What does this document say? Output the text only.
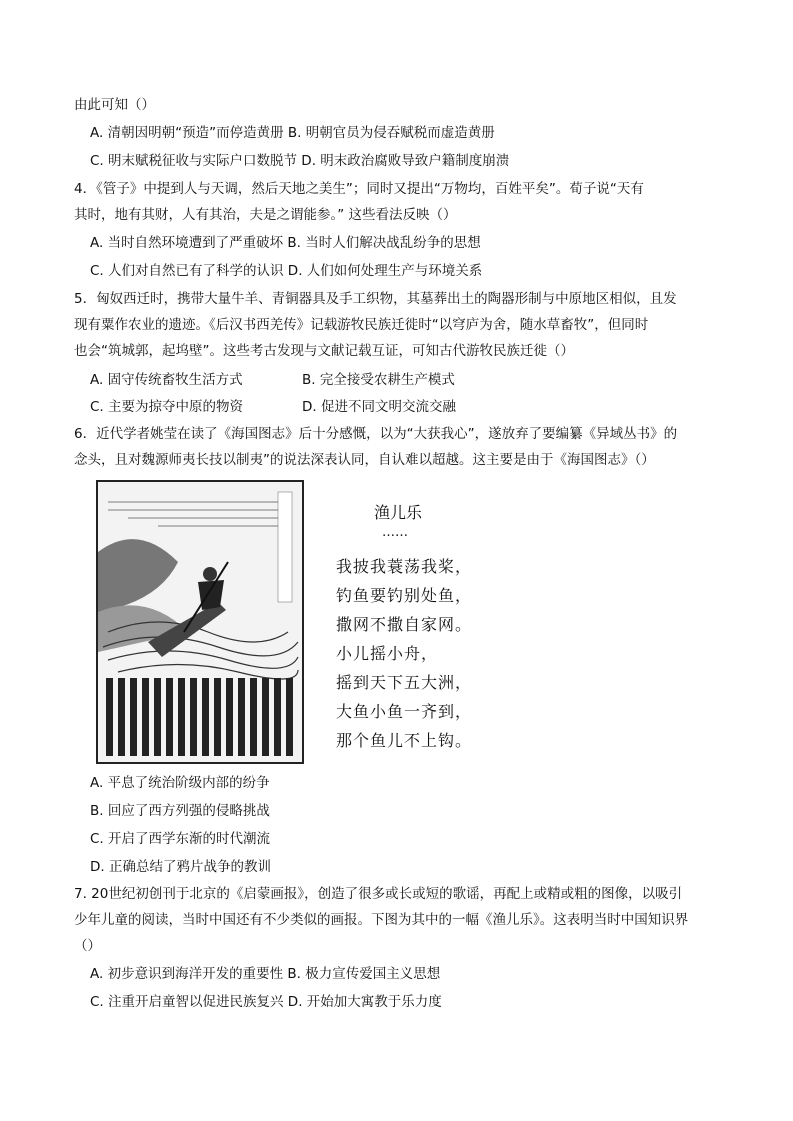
由此可知（）
A. 清朝因明朝“预造”而停造黄册 B. 明朝官员为侵吞赋税而虚造黄册
C. 明末赋税征收与实际户口数脱节 D. 明末政治腐败导致户籍制度崩溃
4．《管子》中提到人与天调，然后天地之美生”；同时又提出“万物均，百姓平矣”。荀子说“天有
其时，地有其财，人有其治，夫是之谓能参。” 这些看法反映（）
A. 当时自然环境遭到了严重破坏 B. 当时人们解决战乱纷争的思想
C. 人们对自然已有了科学的认识 D. 人们如何处理生产与环境关系
5．匈奴西迁时，携带大量牛羊、青铜器具及手工织物，其墓葬出土的陶器形制与中原地区相似，且发
现有粟作农业的遗迹。《后汉书西羌传》记载游牧民族迁徙时“以穹庐为舍，随水草畜牧”，但同时
也会“筑城郭，起坞壁”。这些考古发现与文献记载互证，可知古代游牧民族迁徙（）
A. 固守传统畜牧生活方式	B. 完全接受农耕生产模式
C. 主要为掠夺中原的物资	D. 促进不同文明交流交融
6．近代学者姚莹在读了《海国图志》后十分感慨，以为“大获我心”，遂放弃了要编纂《异域丛书》的
念头，且对魏源师夷长技以制夷”的说法深表认同，自认难以超越。这主要是由于《海国图志》（）
渔儿乐
……
我披我蓑荡我桨，
钓鱼要钓别处鱼，
撒网不撒自家网。
小儿摇小舟，
摇到天下五大洲，
大鱼小鱼一齐到，
那个鱼儿不上钩。
A. 平息了统治阶级内部的纷争
B. 回应了西方列强的侵略挑战
C. 开启了西学东渐的时代潮流
D. 正确总结了鸦片战争的教训
7. 20世纪初创刊于北京的《启蒙画报》，创造了很多或长或短的歌谣，再配上或精或粗的图像，以吸引
少年儿童的阅读，当时中国还有不少类似的画报。下图为其中的一幅《渔儿乐》。这表明当时中国知识界
（）
A. 初步意识到海洋开发的重要性 B. 极力宣传爱国主义思想
C. 注重开启童智以促进民族复兴 D. 开始加大寓教于乐力度
